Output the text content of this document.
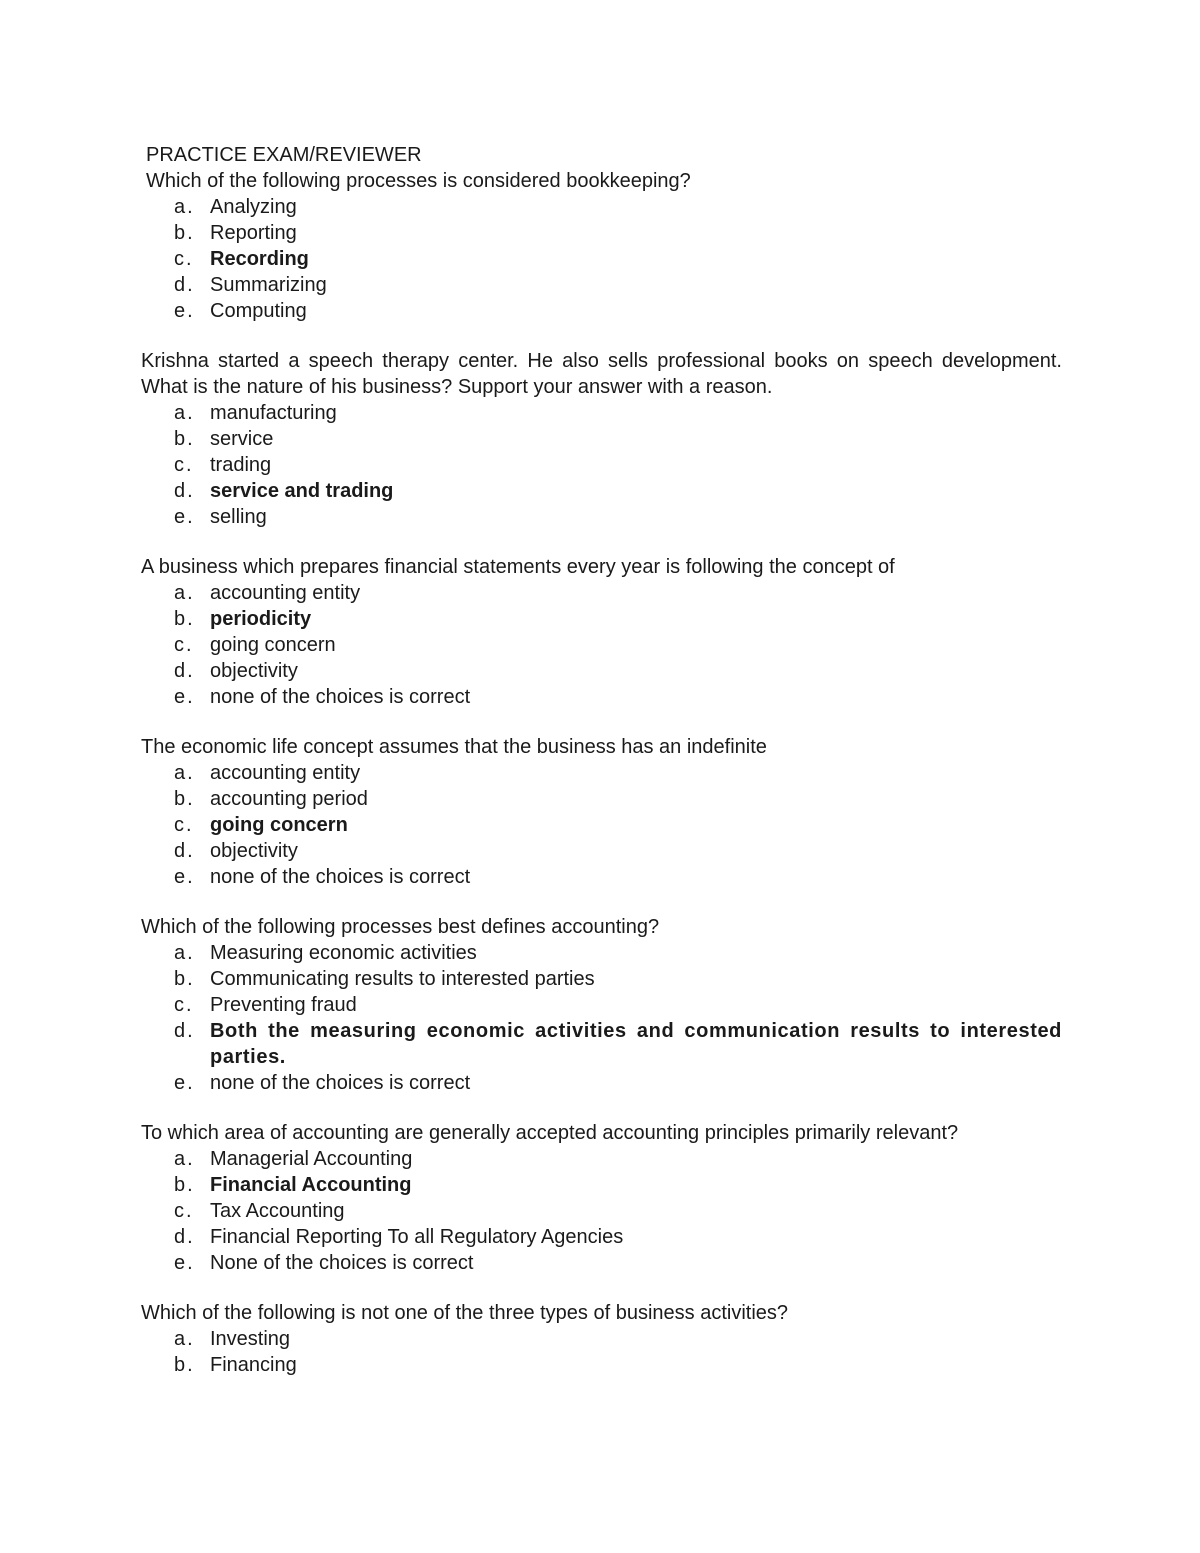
PRACTICE EXAM/REVIEWER

Which of the following processes is considered bookkeeping?

a. Analyzing
b. Reporting
c. Recording
d. Summarizing
e. Computing

Krishna started a speech therapy center. He also sells professional books on speech development. What is the nature of his business? Support your answer with a reason.

a. manufacturing
b. service
c. trading
d. service and trading
e. selling

A business which prepares financial statements every year is following the concept of

a. accounting entity
b. periodicity
c. going concern
d. objectivity
e. none of the choices is correct

The economic life concept assumes that the business has an indefinite

a. accounting entity
b. accounting period
c. going concern
d. objectivity
e. none of the choices is correct

Which of the following processes best defines accounting?

a. Measuring economic activities
b. Communicating results to interested parties
c. Preventing fraud
d. Both the measuring economic activities and communication results to interested parties.
e. none of the choices is correct

To which area of accounting are generally accepted accounting principles primarily relevant?

a. Managerial Accounting
b. Financial Accounting
c. Tax Accounting
d. Financial Reporting To all Regulatory Agencies
e. None of the choices is correct

Which of the following is not one of the three types of business activities?

a. Investing
b. Financing
